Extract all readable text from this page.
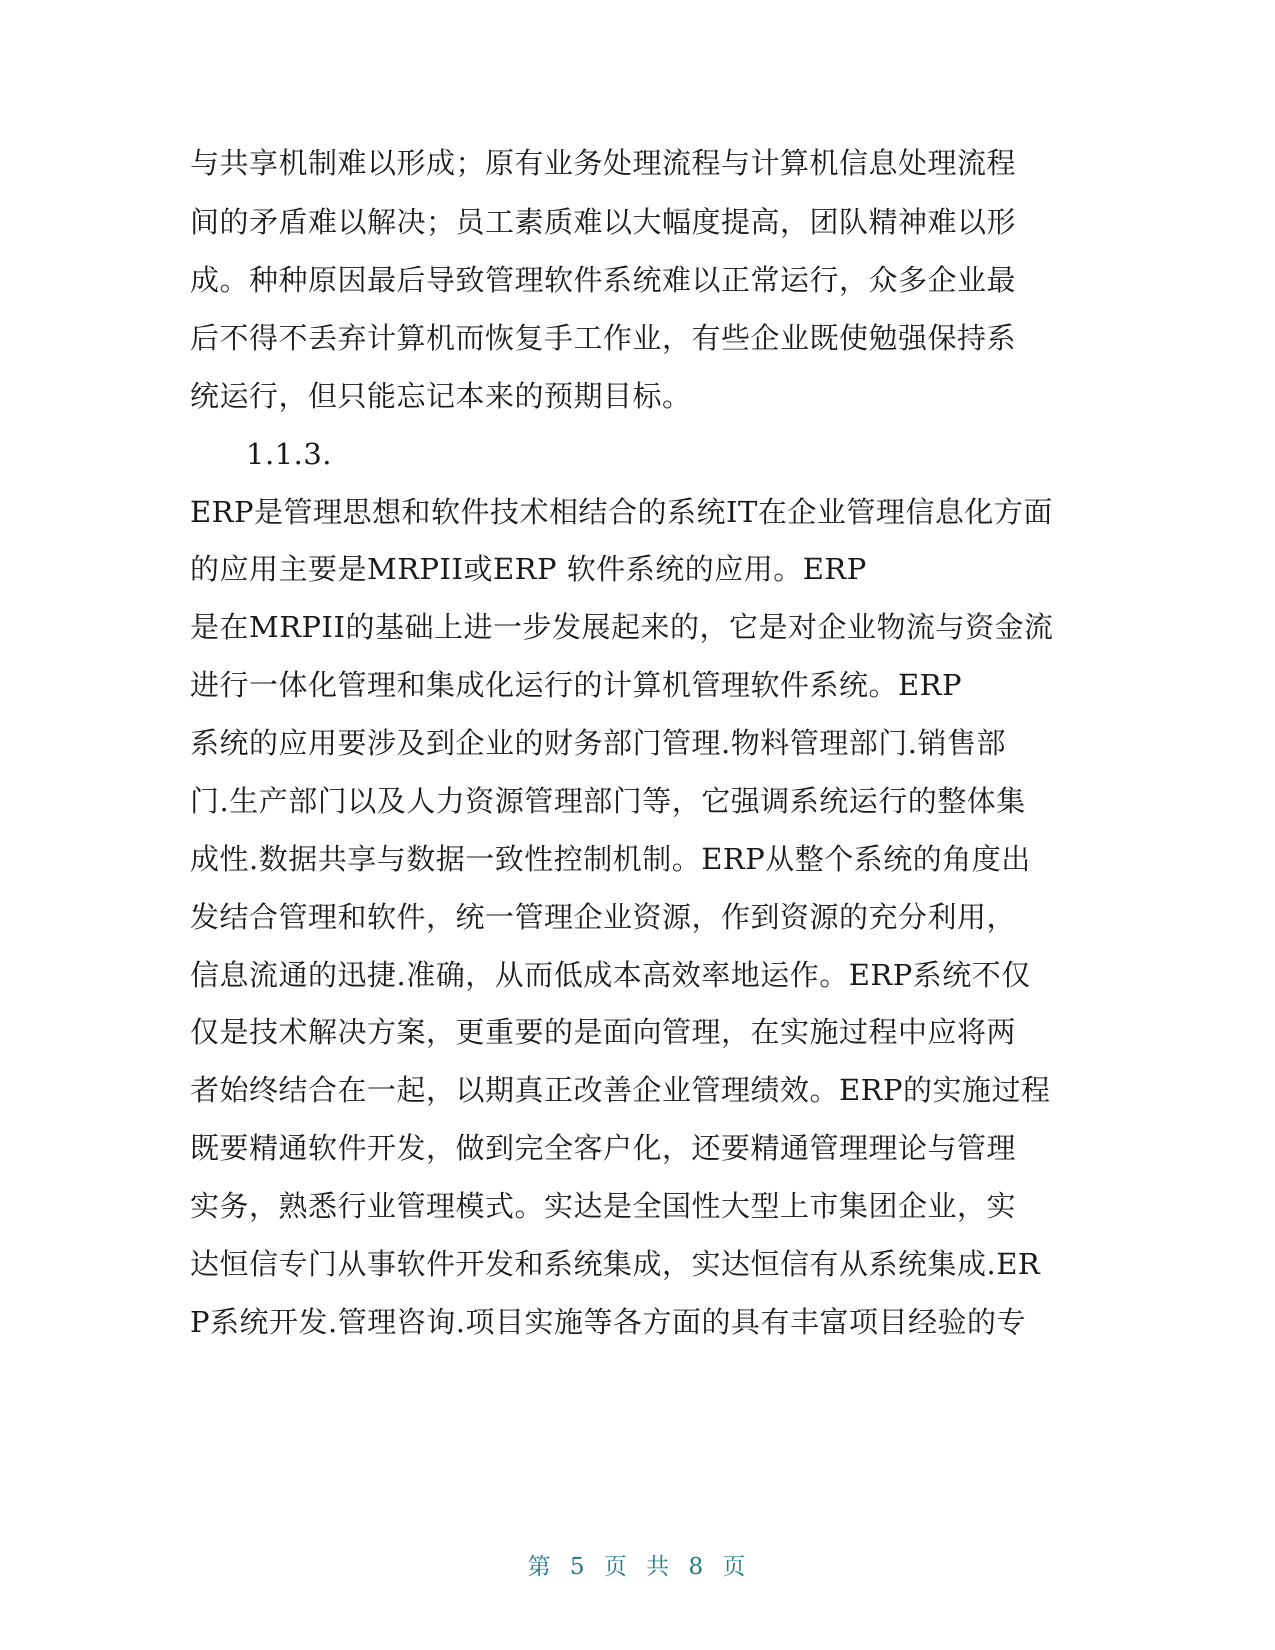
与共享机制难以形成；原有业务处理流程与计算机信息处理流程
间的矛盾难以解决；员工素质难以大幅度提高，团队精神难以形
成。种种原因最后导致管理软件系统难以正常运行，众多企业最
后不得不丢弃计算机而恢复手工作业，有些企业既使勉强保持系
统运行，但只能忘记本来的预期目标。
1.1.3.
ERP是管理思想和软件技术相结合的系统IT在企业管理信息化方面
的应用主要是MRPII或ERP 软件系统的应用。ERP
是在MRPII的基础上进一步发展起来的，它是对企业物流与资金流
进行一体化管理和集成化运行的计算机管理软件系统。ERP
系统的应用要涉及到企业的财务部门管理.物料管理部门.销售部
门.生产部门以及人力资源管理部门等，它强调系统运行的整体集
成性.数据共享与数据一致性控制机制。ERP从整个系统的角度出
发结合管理和软件，统一管理企业资源，作到资源的充分利用，
信息流通的迅捷.准确，从而低成本高效率地运作。ERP系统不仅
仅是技术解决方案，更重要的是面向管理，在实施过程中应将两
者始终结合在一起，以期真正改善企业管理绩效。ERP的实施过程
既要精通软件开发，做到完全客户化，还要精通管理理论与管理
实务，熟悉行业管理模式。实达是全国性大型上市集团企业，实
达恒信专门从事软件开发和系统集成，实达恒信有从系统集成.ER
P系统开发.管理咨询.项目实施等各方面的具有丰富项目经验的专
第 5 页 共 8 页
